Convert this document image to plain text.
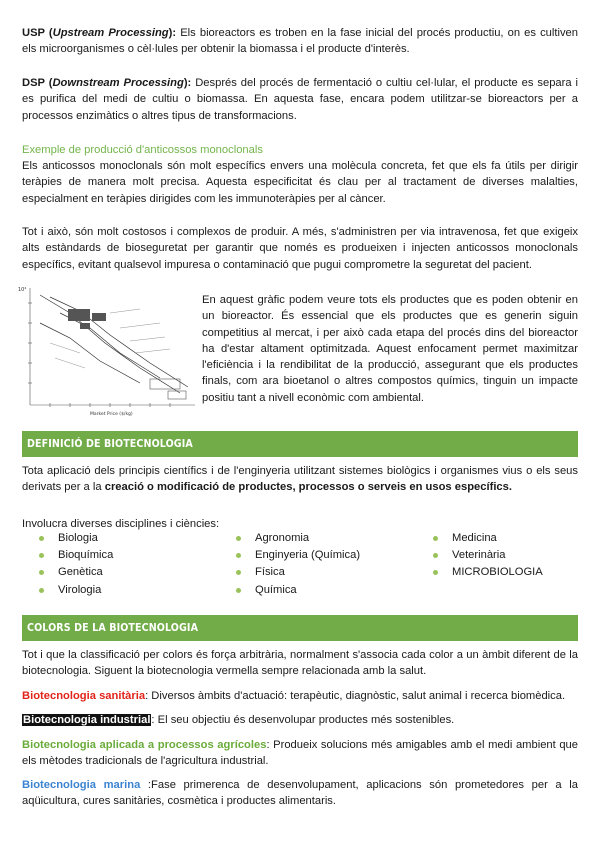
USP (Upstream Processing): Els bioreactors es troben en la fase inicial del procés productiu, on es cultiven els microorganismes o cèl·lules per obtenir la biomassa i el producte d'interès.

DSP (Downstream Processing): Després del procés de fermentació o cultiu cel·lular, el producte es separa i es purifica del medi de cultiu o biomassa. En aquesta fase, encara podem utilitzar-se bioreactors per a processos enzimàtics o altres tipus de transformacions.

Exemple de producció d'anticossos monoclonals

Els anticossos monoclonals són molt específics envers una molècula concreta, fet que els fa útils per dirigir teràpies de manera molt precisa. Aquesta especificitat és clau per al tractament de diverses malalties, especialment en teràpies dirigides com les immunoteràpies per al càncer.

Tot i això, són molt costosos i complexos de produir. A més, s'administren per via intravenosa, fet que exigeix alts estàndards de bioseguretat per garantir que només es produeixen i injecten anticossos monoclonals específics, evitant qualsevol impuresa o contaminació que pugui comprometre la seguretat del pacient.

10⁴
Market Price ($/kg)

En aquest gràfic podem veure tots els productes que es poden obtenir en un bioreactor. És essencial que els productes que es generin siguin competitius al mercat, i per això cada etapa del procés dins del bioreactor ha d'estar altament optimitzada. Aquest enfocament permet maximitzar l'eficiència i la rendibilitat de la producció, assegurant que els productes finals, com ara bioetanol o altres compostos químics, tinguin un impacte positiu tant a nivell econòmic com ambiental.

DEFINICIÓ DE BIOTECNOLOGIA

Tota aplicació dels principis científics i de l'enginyeria utilitzant sistemes biològics i organismes vius o els seus derivats per a la creació o modificació de productes, processos o serveis en usos específics.

Involucra diverses disciplines i ciències:

Biologia
Bioquímica
Genètica
Virologia
Agronomia
Enginyeria (Química)
Física
Química
Medicina
Veterinària
MICROBIOLOGIA
COLORS DE LA BIOTECNOLOGIA

Tot i que la classificació per colors és força arbitrària, normalment s'associa cada color a un àmbit diferent de la biotecnologia. Siguent la biotecnologia vermella sempre relacionada amb la salut.

Biotecnologia sanitària: Diversos àmbits d'actuació: terapèutic, diagnòstic, salut animal i recerca biomèdica.

Biotecnologia industrial: El seu objectiu és desenvolupar productes més sostenibles.

Biotecnologia aplicada a processos agrícoles: Produeix solucions més amigables amb el medi ambient que els mètodes tradicionals de l'agricultura industrial.

Biotecnologia marina :Fase primerenca de desenvolupament, aplicacions són prometedores per a la aqüicultura, cures sanitàries, cosmètica i productes alimentaris.
